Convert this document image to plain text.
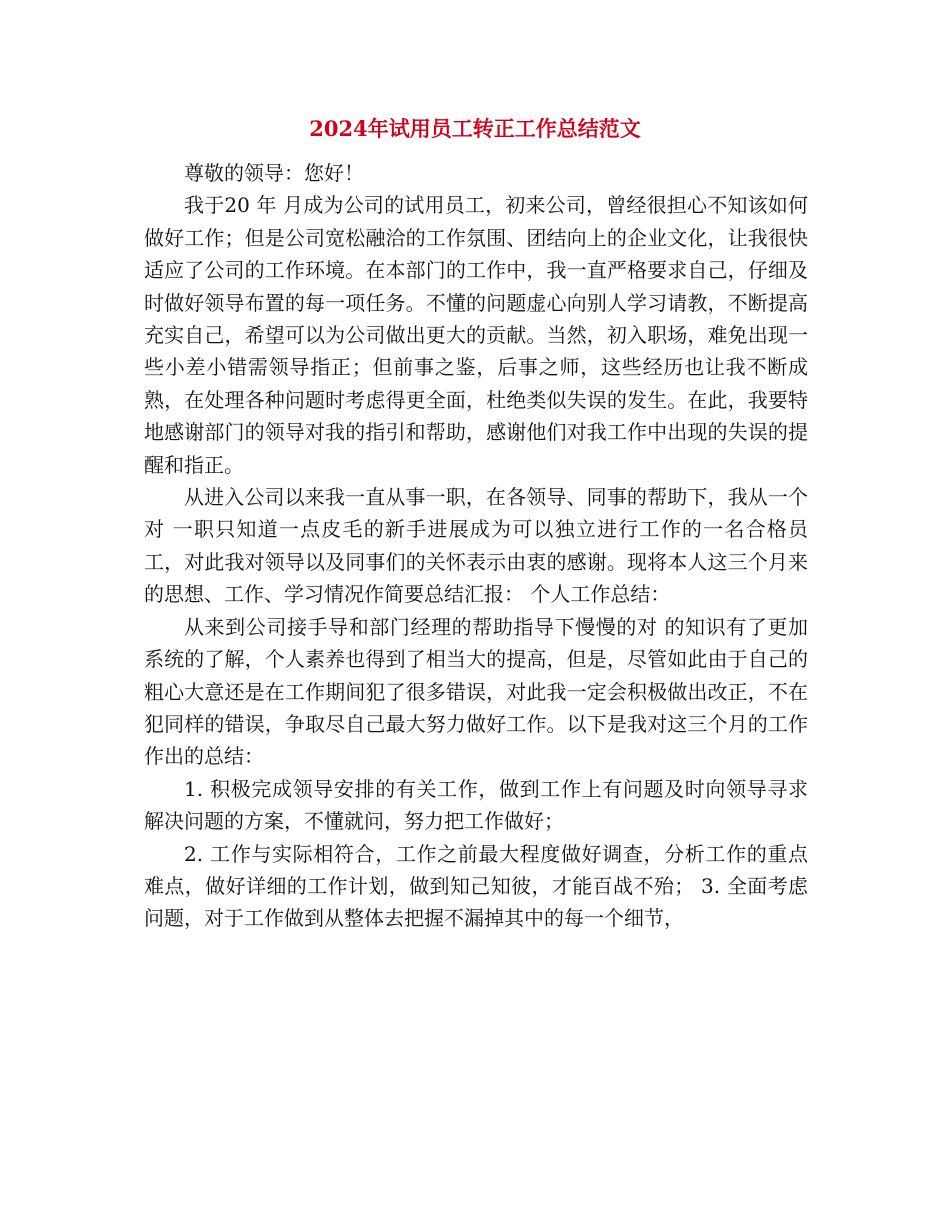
2024年试用员工转正工作总结范文

尊敬的领导：您好！

我于20 年 月成为公司的试用员工，初来公司，曾经很担心不知该如何做好工作；但是公司宽松融洽的工作氛围、团结向上的企业文化，让我很快适应了公司的工作环境。在本部门的工作中，我一直严格要求自己，仔细及时做好领导布置的每一项任务。不懂的问题虚心向别人学习请教，不断提高充实自己，希望可以为公司做出更大的贡献。当然，初入职场，难免出现一些小差小错需领导指正；但前事之鉴，后事之师，这些经历也让我不断成熟，在处理各种问题时考虑得更全面，杜绝类似失误的发生。在此，我要特地感谢部门的领导对我的指引和帮助，感谢他们对我工作中出现的失误的提醒和指正。

从进入公司以来我一直从事一职，在各领导、同事的帮助下，我从一个对 一职只知道一点皮毛的新手进展成为可以独立进行工作的一名合格员工，对此我对领导以及同事们的关怀表示由衷的感谢。现将本人这三个月来的思想、工作、学习情况作简要总结汇报： 个人工作总结：

从来到公司接手导和部门经理的帮助指导下慢慢的对 的知识有了更加系统的了解，个人素养也得到了相当大的提高，但是，尽管如此由于自己的粗心大意还是在工作期间犯了很多错误，对此我一定会积极做出改正，不在犯同样的错误，争取尽自己最大努力做好工作。以下是我对这三个月的工作作出的总结：

1. 积极完成领导安排的有关工作，做到工作上有问题及时向领导寻求解决问题的方案，不懂就问，努力把工作做好；

2. 工作与实际相符合，工作之前最大程度做好调查，分析工作的重点难点，做好详细的工作计划，做到知己知彼，才能百战不殆； 3. 全面考虑问题，对于工作做到从整体去把握不漏掉其中的每一个细节，
